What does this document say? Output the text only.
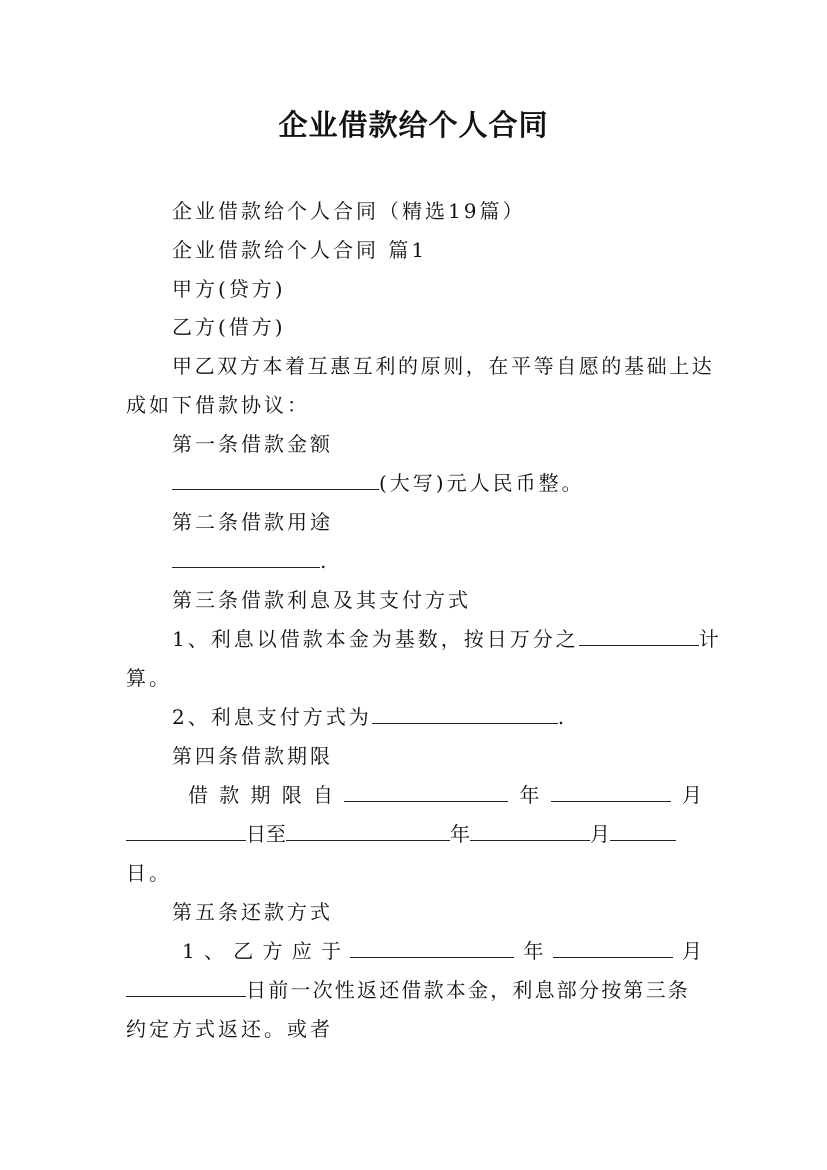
企业借款给个人合同
企业借款给个人合同（精选19篇）
企业借款给个人合同 篇1
甲方(贷方)
乙方(借方)
甲乙双方本着互惠互利的原则，在平等自愿的基础上达
成如下借款协议：
第一条借款金额
(大写)元人民币整。
第二条借款用途
.
第三条借款利息及其支付方式
1、利息以借款本金为基数，按日万分之	计
算。
2、利息支付方式为	.
第四条借款期限
借 款 期 限 自	年	月
日至	年	月
日。
第五条还款方式
1 、 乙 方 应 于	年	月
日前一次性返还借款本金，利息部分按第三条
约定方式返还。或者
